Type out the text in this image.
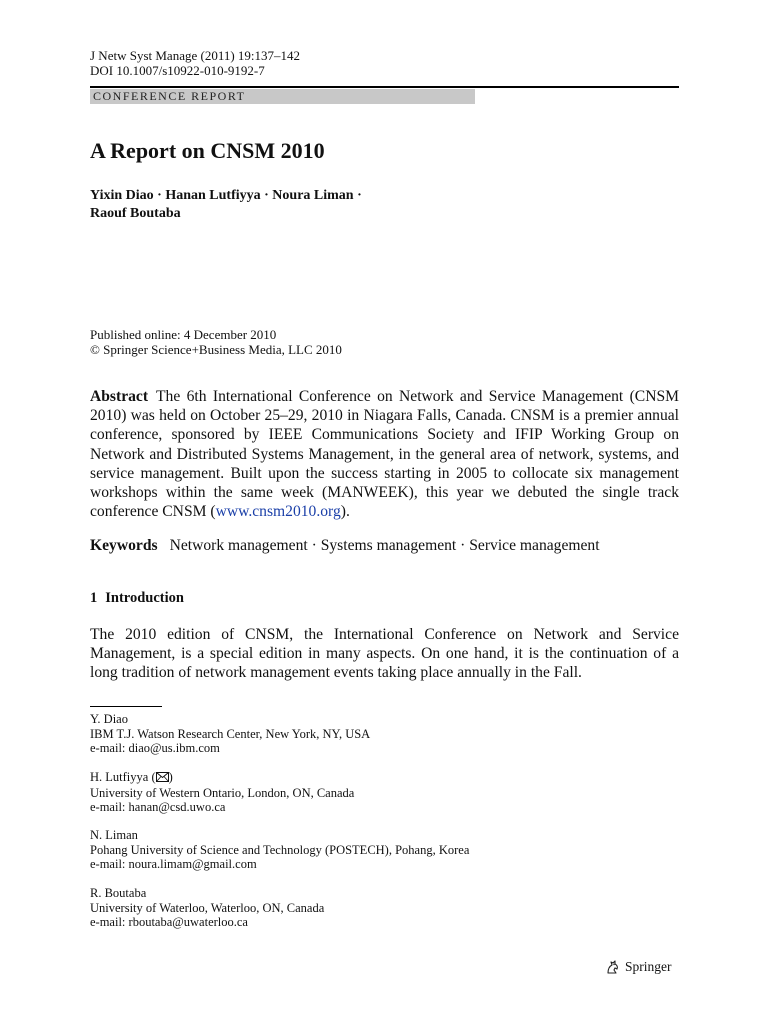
J Netw Syst Manage (2011) 19:137–142
DOI 10.1007/s10922-010-9192-7
CONFERENCE REPORT
A Report on CNSM 2010
Yixin Diao · Hanan Lutfiyya · Noura Liman ·
Raouf Boutaba
Published online: 4 December 2010
© Springer Science+Business Media, LLC 2010
Abstract The 6th International Conference on Network and Service Management (CNSM 2010) was held on October 25–29, 2010 in Niagara Falls, Canada. CNSM is a premier annual conference, sponsored by IEEE Communications Society and IFIP Working Group on Network and Distributed Systems Management, in the general area of network, systems, and service management. Built upon the success starting in 2005 to collocate six management workshops within the same week (MANWEEK), this year we debuted the single track conference CNSM (www.cnsm2010.org).
Keywords Network management · Systems management · Service management
1 Introduction
The 2010 edition of CNSM, the International Conference on Network and Service Management, is a special edition in many aspects. On one hand, it is the continuation of a long tradition of network management events taking place annually in the Fall.
Y. Diao
IBM T.J. Watson Research Center, New York, NY, USA
e-mail: diao@us.ibm.com
H. Lutfiyya ( )
University of Western Ontario, London, ON, Canada
e-mail: hanan@csd.uwo.ca
N. Liman
Pohang University of Science and Technology (POSTECH), Pohang, Korea
e-mail: noura.limam@gmail.com
R. Boutaba
University of Waterloo, Waterloo, ON, Canada
e-mail: rboutaba@uwaterloo.ca
Springer
